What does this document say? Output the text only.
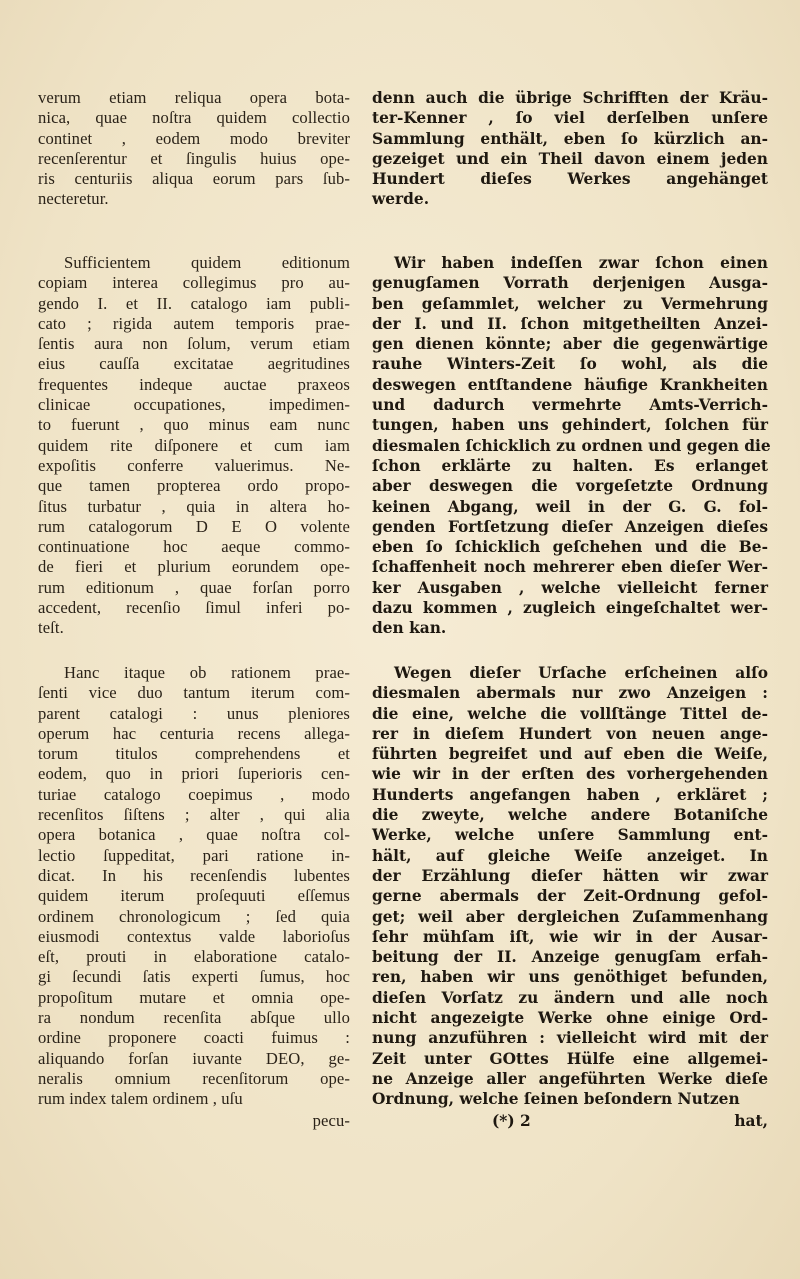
verum etiam reliqua opera bota-
nica, quae noſtra quidem collectio
continet , eodem modo breviter
recenſerentur et ſingulis huius ope-
ris centuriis aliqua eorum pars ſub-
necteretur.
Sufficientem quidem editionum
copiam interea collegimus pro au-
gendo I. et II. catalogo iam publi-
cato ; rigida autem temporis prae-
ſentis aura non ſolum, verum etiam
eius cauſſa excitatae aegritudines
frequentes indeque auctae praxeos
clinicae occupationes, impedimen-
to fuerunt , quo minus eam nunc
quidem rite diſponere et cum iam
expoſitis conferre valuerimus. Ne-
que tamen propterea ordo propo-
ſitus turbatur , quia in altera ho-
rum catalogorum D E O volente
continuatione hoc aeque commo-
de fieri et plurium eorundem ope-
rum editionum , quae forſan porro
accedent, recenſio ſimul inferi po-
teſt.
Hanc itaque ob rationem prae-
ſenti vice duo tantum iterum com-
parent catalogi : unus pleniores
operum hac centuria recens allega-
torum titulos comprehendens et
eodem, quo in priori ſuperioris cen-
turiae catalogo coepimus , modo
recenſitos ſiſtens ; alter , qui alia
opera botanica , quae noſtra col-
lectio ſuppeditat, pari ratione in-
dicat. In his recenſendis lubentes
quidem iterum proſequuti eſſemus
ordinem chronologicum ; ſed quia
eiusmodi contextus valde laborioſus
eſt, prouti in elaboratione catalo-
gi ſecundi ſatis experti ſumus, hoc
propoſitum mutare et omnia ope-
ra nondum recenſita abſque ullo
ordine proponere coacti fuimus :
aliquando forſan iuvante DEO, ge-
neralis omnium recenſitorum ope-
rum index talem ordinem , uſu
pecu-
denn auch die übrige Schrifften der Kräu-
ter-Kenner , ſo viel derſelben unſere
Sammlung enthält, eben ſo kürzlich an-
gezeiget und ein Theil davon einem jeden
Hundert dieſes Werkes angehänget
werde.
Wir haben indeſſen zwar ſchon einen
genugſamen Vorrath derjenigen Ausga-
ben geſammlet, welcher zu Vermehrung
der I. und II. ſchon mitgetheilten Anzei-
gen dienen könnte; aber die gegenwärtige
rauhe Winters-Zeit ſo wohl, als die
deswegen entſtandene häufige Krankheiten
und dadurch vermehrte Amts-Verrich-
tungen, haben uns gehindert, ſolchen für
diesmalen ſchicklich zu ordnen und gegen die
ſchon erklärte zu halten. Es erlanget
aber deswegen die vorgeſetzte Ordnung
keinen Abgang, weil in der G. G. fol-
genden Fortſetzung dieſer Anzeigen dieſes
eben ſo ſchicklich geſchehen und die Be-
ſchaffenheit noch mehrerer eben dieſer Wer-
ker Ausgaben , welche vielleicht ferner
dazu kommen , zugleich eingeſchaltet wer-
den kan.
Wegen dieſer Urſache erſcheinen alſo
diesmalen abermals nur zwo Anzeigen :
die eine, welche die vollſtänge Tittel de-
rer in dieſem Hundert von neuen ange-
führten begreifet und auf eben die Weiſe,
wie wir in der erſten des vorhergehenden
Hunderts angefangen haben , erkläret ;
die zweyte, welche andere Botaniſche
Werke, welche unſere Sammlung ent-
hält, auf gleiche Weiſe anzeiget. In
der Erzählung dieſer hätten wir zwar
gerne abermals der Zeit-Ordnung gefol-
get; weil aber dergleichen Zuſammenhang
ſehr mühſam iſt, wie wir in der Ausar-
beitung der II. Anzeige genugſam erfah-
ren, haben wir uns genöthiget befunden,
dieſen Vorſatz zu ändern und alle noch
nicht angezeigte Werke ohne einige Ord-
nung anzuführen : vielleicht wird mit der
Zeit unter GOttes Hülfe eine allgemei-
ne Anzeige aller angeführten Werke dieſe
Ordnung, welche ſeinen beſondern Nutzen
(*) 2	hat,
